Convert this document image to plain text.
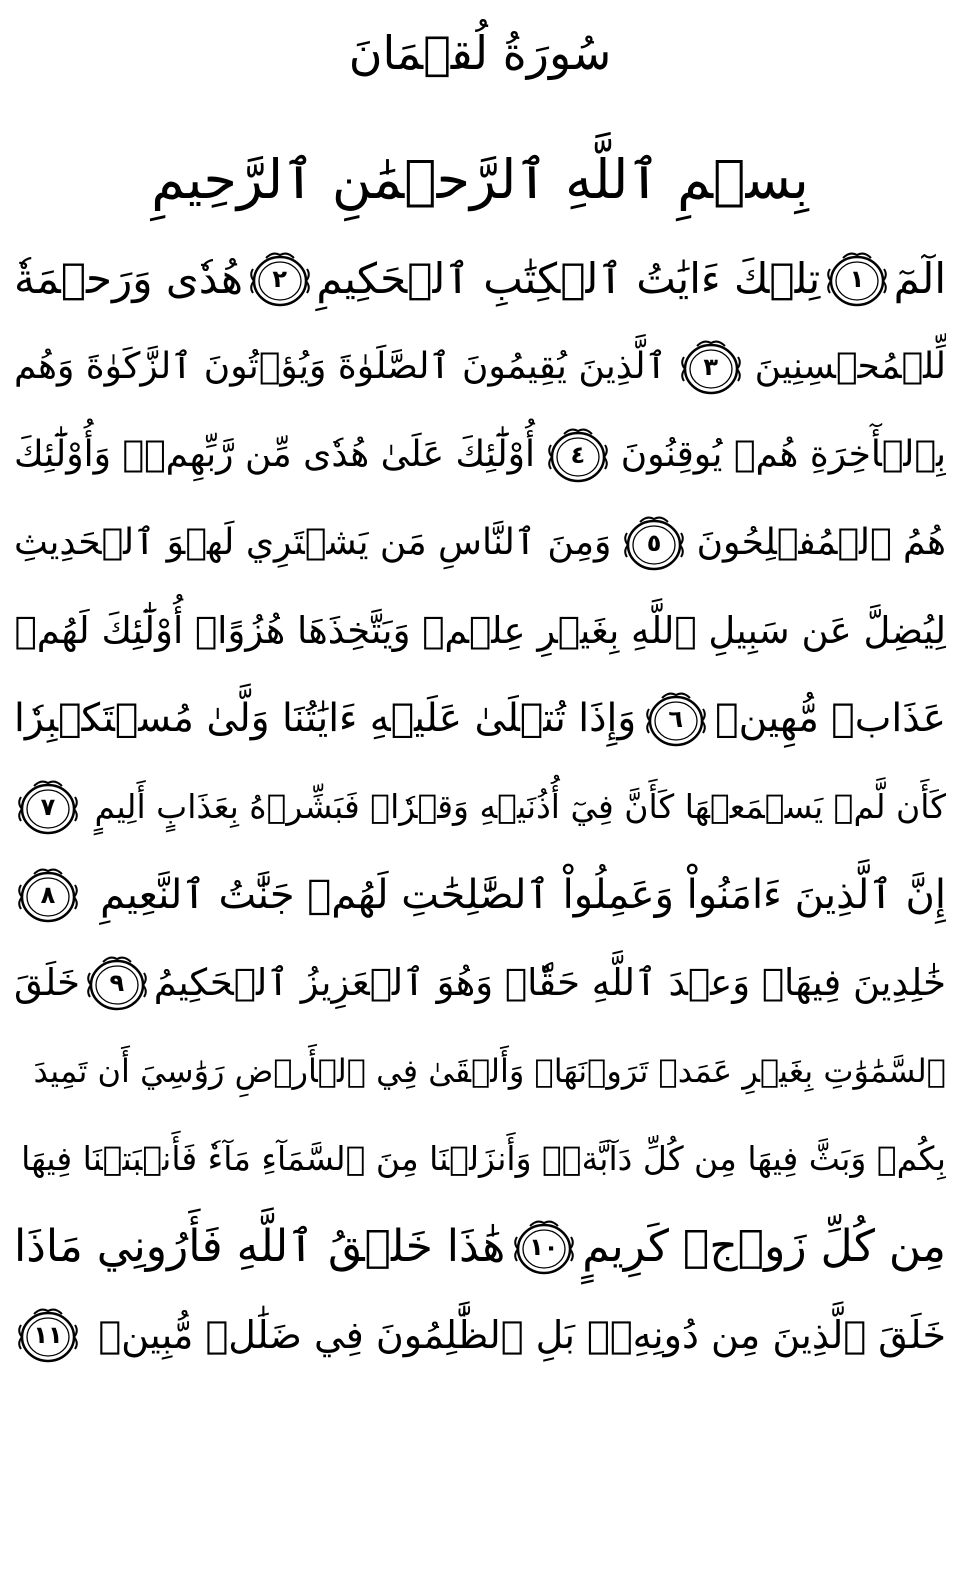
سُورَةُ لُقۡمَانَ
بِسۡمِ ٱللَّهِ ٱلرَّحۡمَٰنِ ٱلرَّحِيمِ
الٓمٓ
١
تِلۡكَ ءَايَٰتُ ٱلۡكِتَٰبِ ٱلۡحَكِيمِ
٢
هُدٗى وَرَحۡمَةٗ
لِّلۡمُحۡسِنِينَ
٣
ٱلَّذِينَ يُقِيمُونَ ٱلصَّلَوٰةَ وَيُؤۡتُونَ ٱلزَّكَوٰةَ وَهُم
بِٱلۡأٓخِرَةِ هُمۡ يُوقِنُونَ
٤
أُوْلَٰٓئِكَ عَلَىٰ هُدٗى مِّن رَّبِّهِمۡۖ وَأُوْلَٰٓئِكَ
هُمُ ٱلۡمُفۡلِحُونَ
٥
وَمِنَ ٱلنَّاسِ مَن يَشۡتَرِي لَهۡوَ ٱلۡحَدِيثِ
لِيُضِلَّ عَن سَبِيلِ ٱللَّهِ بِغَيۡرِ عِلۡمٖ وَيَتَّخِذَهَا هُزُوًاۚ أُوْلَٰٓئِكَ لَهُمۡ
عَذَابٞ مُّهِينٞ
٦
وَإِذَا تُتۡلَىٰ عَلَيۡهِ ءَايَٰتُنَا وَلَّىٰ مُسۡتَكۡبِرٗا
كَأَن لَّمۡ يَسۡمَعۡهَا كَأَنَّ فِيٓ أُذُنَيۡهِ وَقۡرٗاۖ فَبَشِّرۡهُ بِعَذَابٍ أَلِيمٍ
٧
إِنَّ ٱلَّذِينَ ءَامَنُواْ وَعَمِلُواْ ٱلصَّٰلِحَٰتِ لَهُمۡ جَنَّٰتُ ٱلنَّعِيمِ
٨
خَٰلِدِينَ فِيهَاۖ وَعۡدَ ٱللَّهِ حَقّٗاۚ وَهُوَ ٱلۡعَزِيزُ ٱلۡحَكِيمُ
٩
خَلَقَ
ٱلسَّمَٰوَٰتِ بِغَيۡرِ عَمَدٖ تَرَوۡنَهَاۖ وَأَلۡقَىٰ فِي ٱلۡأَرۡضِ رَوَٰسِيَ أَن تَمِيدَ
بِكُمۡ وَبَثَّ فِيهَا مِن كُلِّ دَآبَّةٖۚ وَأَنزَلۡنَا مِنَ ٱلسَّمَآءِ مَآءٗ فَأَنۢبَتۡنَا فِيهَا
مِن كُلِّ زَوۡجٖ كَرِيمٍ
١٠
هَٰذَا خَلۡقُ ٱللَّهِ فَأَرُونِي مَاذَا
خَلَقَ ٱلَّذِينَ مِن دُونِهِۦۚ بَلِ ٱلظَّٰلِمُونَ فِي ضَلَٰلٖ مُّبِينٖ
١١
